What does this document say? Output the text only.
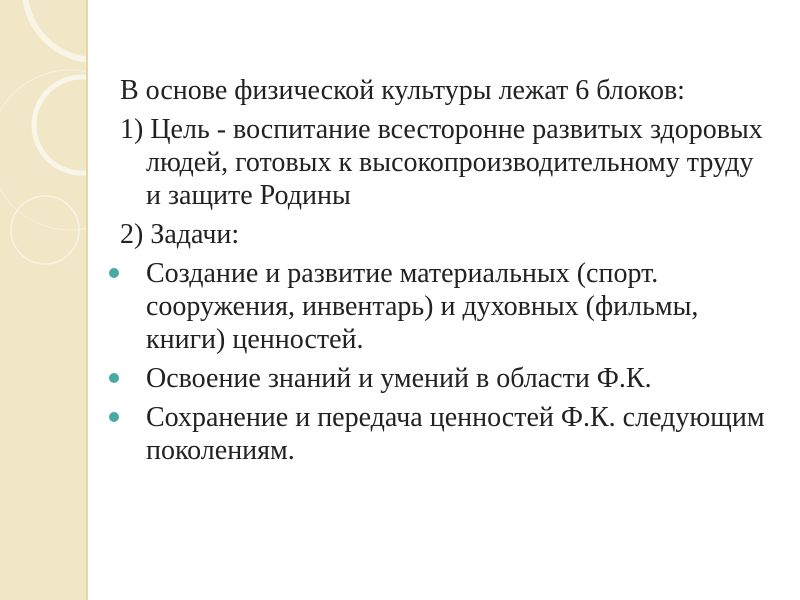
В основе физической культуры лежат 6 блоков:

1) Цель - воспитание всесторонне развитых здоровых людей, готовых к высокопроизводительному труду и защите Родины

2) Задачи:

Создание и развитие материальных (спорт. сооружения, инвентарь) и духовных (фильмы, книги) ценностей.
Освоение знаний и умений в области Ф.К.
Сохранение и передача ценностей Ф.К. следующим поколениям.
